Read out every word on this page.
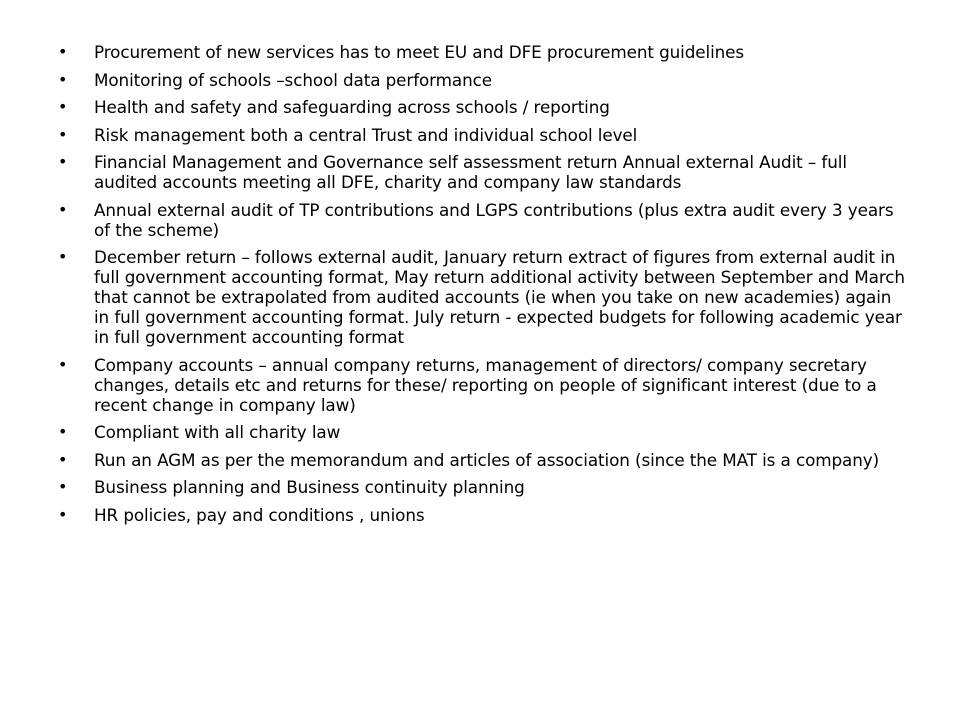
• Procurement of new services has to meet EU and DFE procurement guidelines
• Monitoring of schools –school data performance
• Health and safety and safeguarding across schools / reporting
• Risk management both a central Trust and individual school level
• Financial Management and Governance self assessment return Annual external Audit – full audited accounts meeting all DFE, charity and company law standards
• Annual external audit of TP contributions and LGPS contributions (plus extra audit every 3 years of the scheme)
• December return – follows external audit, January return extract of figures from external audit in full government accounting format, May return additional activity between September and March that cannot be extrapolated from audited accounts (ie when you take on new academies) again in full government accounting format. July return - expected budgets for following academic year in full government accounting format
• Company accounts – annual company returns, management of directors/ company secretary changes, details etc and returns for these/ reporting on people of significant interest (due to a recent change in company law)
• Compliant with all charity law
• Run an AGM as per the memorandum and articles of association (since the MAT is a company)
• Business planning and Business continuity planning
• HR policies, pay and conditions , unions
